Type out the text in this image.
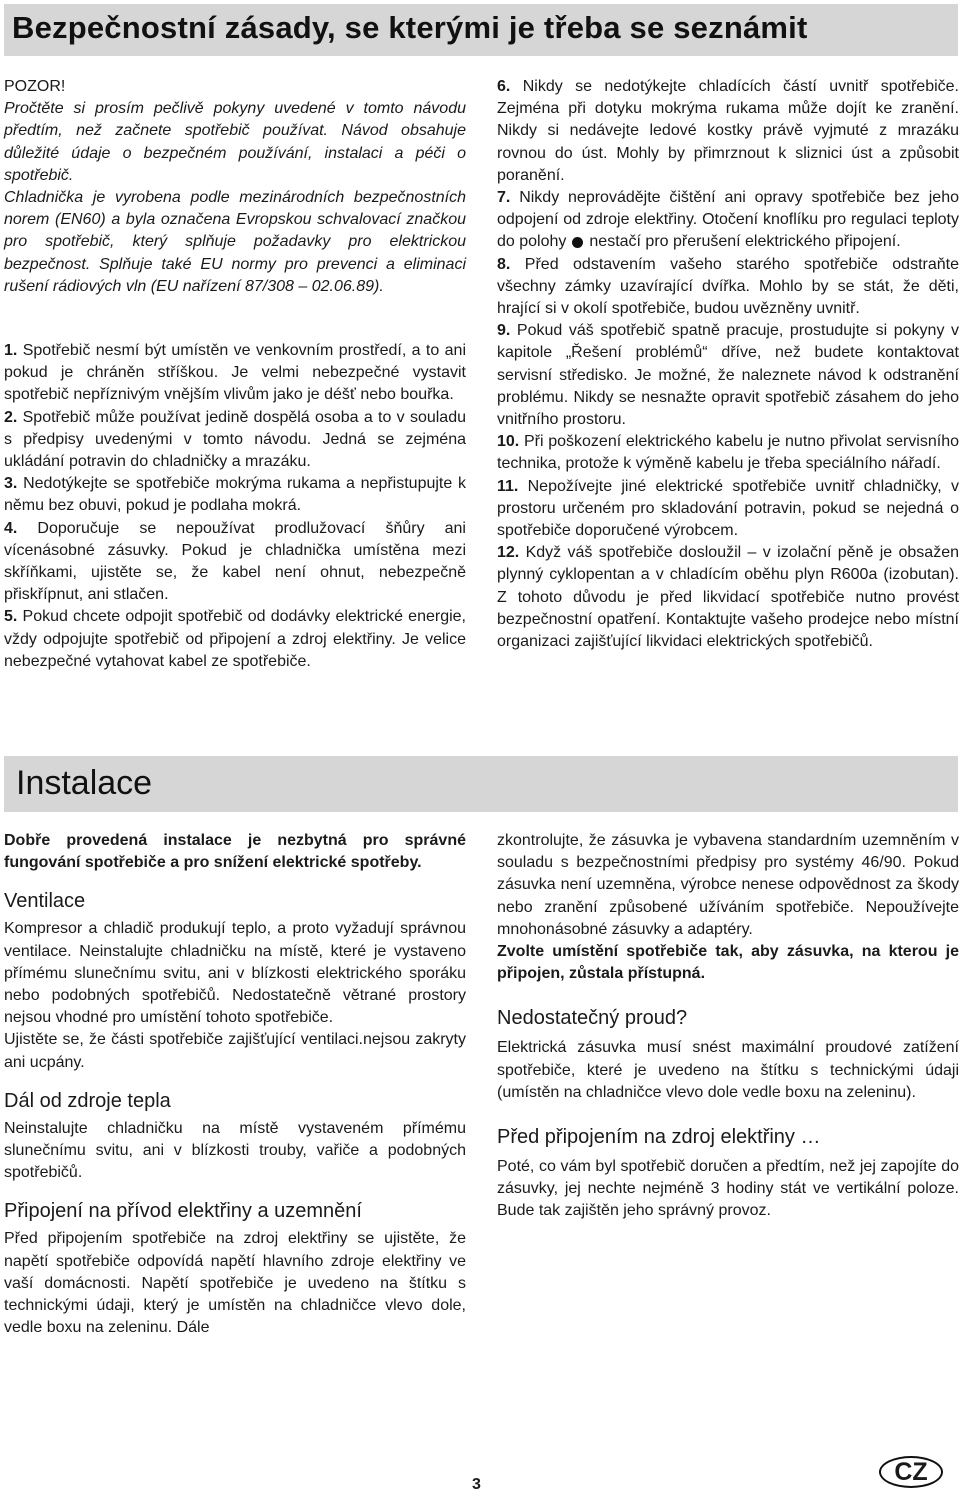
Bezpečnostní zásady, se kterými je třeba se seznámit

POZOR!

Pročtěte si prosím pečlivě pokyny uvedené v tomto návodu předtím, než začnete spotřebič používat. Návod obsahuje důležité údaje o bezpečném používání, instalaci a péči o spotřebič.

Chladnička je vyrobena podle mezinárodních bezpečnostních norem (EN60) a byla označena Evropskou schvalovací značkou pro spotřebič, který splňuje požadavky pro elektrickou bezpečnost. Splňuje také EU normy pro prevenci a eliminaci rušení rádiových vln (EU nařízení 87/308 – 02.06.89).

1. Spotřebič nesmí být umístěn ve venkovním prostředí, a to ani pokud je chráněn stříškou. Je velmi nebezpečné vystavit spotřebič nepříznivým vnějším vlivům jako je déšť nebo bouřka.

2. Spotřebič může používat jedině dospělá osoba a to v souladu s předpisy uvedenými v tomto návodu. Jedná se zejména ukládání potravin do chladničky a mrazáku.

3. Nedotýkejte se spotřebiče mokrýma rukama a nepřistupujte k němu bez obuvi, pokud je podlaha mokrá.

4. Doporučuje se nepoužívat prodlužovací šňůry ani vícenásobné zásuvky. Pokud je chladnička umístěna mezi skříňkami, ujistěte se, že kabel není ohnut, nebezpečně přiskřípnut, ani stlačen.

5. Pokud chcete odpojit spotřebič od dodávky elektrické energie, vždy odpojujte spotřebič od připojení a zdroj elektřiny. Je velice nebezpečné vytahovat kabel ze spotřebiče.

6. Nikdy se nedotýkejte chladících částí uvnitř spotřebiče. Zejména při dotyku mokrýma rukama může dojít ke zranění. Nikdy si nedávejte ledové kostky právě vyjmuté z mrazáku rovnou do úst. Mohly by přimrznout k sliznici úst a způsobit poranění.

7. Nikdy neprovádějte čištění ani opravy spotřebiče bez jeho odpojení od zdroje elektřiny. Otočení knoflíku pro regulaci teploty do polohy nestačí pro přerušení elektrického připojení.

8. Před odstavením vašeho starého spotřebiče odstraňte všechny zámky uzavírající dvířka. Mohlo by se stát, že děti, hrající si v okolí spotřebiče, budou uvězněny uvnitř.

9. Pokud váš spotřebič spatně pracuje, prostudujte si pokyny v kapitole „Řešení problémů“ dříve, než budete kontaktovat servisní středisko. Je možné, že naleznete návod k odstranění problému. Nikdy se nesnažte opravit spotřebič zásahem do jeho vnitřního prostoru.

10. Při poškození elektrického kabelu je nutno přivolat servisního technika, protože k výměně kabelu je třeba speciálního nářadí.

11. Nepožívejte jiné elektrické spotřebiče uvnitř chladničky, v prostoru určeném pro skladování potravin, pokud se nejedná o spotřebiče doporučené výrobcem.

12. Když váš spotřebiče dosloužil – v izolační pěně je obsažen plynný cyklopentan a v chladícím oběhu plyn R600a (izobutan). Z tohoto důvodu je před likvidací spotřebiče nutno provést bezpečnostní opatření. Kontaktujte vašeho prodejce nebo místní organizaci zajišťující likvidaci elektrických spotřebičů.

Instalace

Dobře provedená instalace je nezbytná pro správné fungování spotřebiče a pro snížení elektrické spotřeby.

Ventilace

Kompresor a chladič produkují teplo, a proto vyžadují správnou ventilace. Neinstalujte chladničku na místě, které je vystaveno přímému slunečnímu svitu, ani v blízkosti elektrického sporáku nebo podobných spotřebičů. Nedostatečně větrané prostory nejsou vhodné pro umístění tohoto spotřebiče.

Ujistěte se, že části spotřebiče zajišťující ventilaci.nejsou zakryty ani ucpány.

Dál od zdroje tepla

Neinstalujte chladničku na místě vystaveném přímému slunečnímu svitu, ani v blízkosti trouby, vařiče a podobných spotřebičů.

Připojení na přívod elektřiny a uzemnění

Před připojením spotřebiče na zdroj elektřiny se ujistěte, že napětí spotřebiče odpovídá napětí hlavního zdroje elektřiny ve vaší domácnosti. Napětí spotřebiče je uvedeno na štítku s technickými údaji, který je umístěn na chladničce vlevo dole, vedle boxu na zeleninu. Dále

zkontrolujte, že zásuvka je vybavena standardním uzemněním v souladu s bezpečnostními předpisy pro systémy 46/90. Pokud zásuvka není uzemněna, výrobce nenese odpovědnost za škody nebo zranění způsobené užíváním spotřebiče. Nepoužívejte mnohonásobné zásuvky a adaptéry.

Zvolte umístění spotřebiče tak, aby zásuvka, na kterou je připojen, zůstala přístupná.

Nedostatečný proud?

Elektrická zásuvka musí snést maximální proudové zatížení spotřebiče, které je uvedeno na štítku s technickými údaji (umístěn na chladničce vlevo dole vedle boxu na zeleninu).

Před připojením na zdroj elektřiny …

Poté, co vám byl spotřebič doručen a předtím, než jej zapojíte do zásuvky, jej nechte nejméně 3 hodiny stát ve vertikální poloze. Bude tak zajištěn jeho správný provoz.

3	CZ
